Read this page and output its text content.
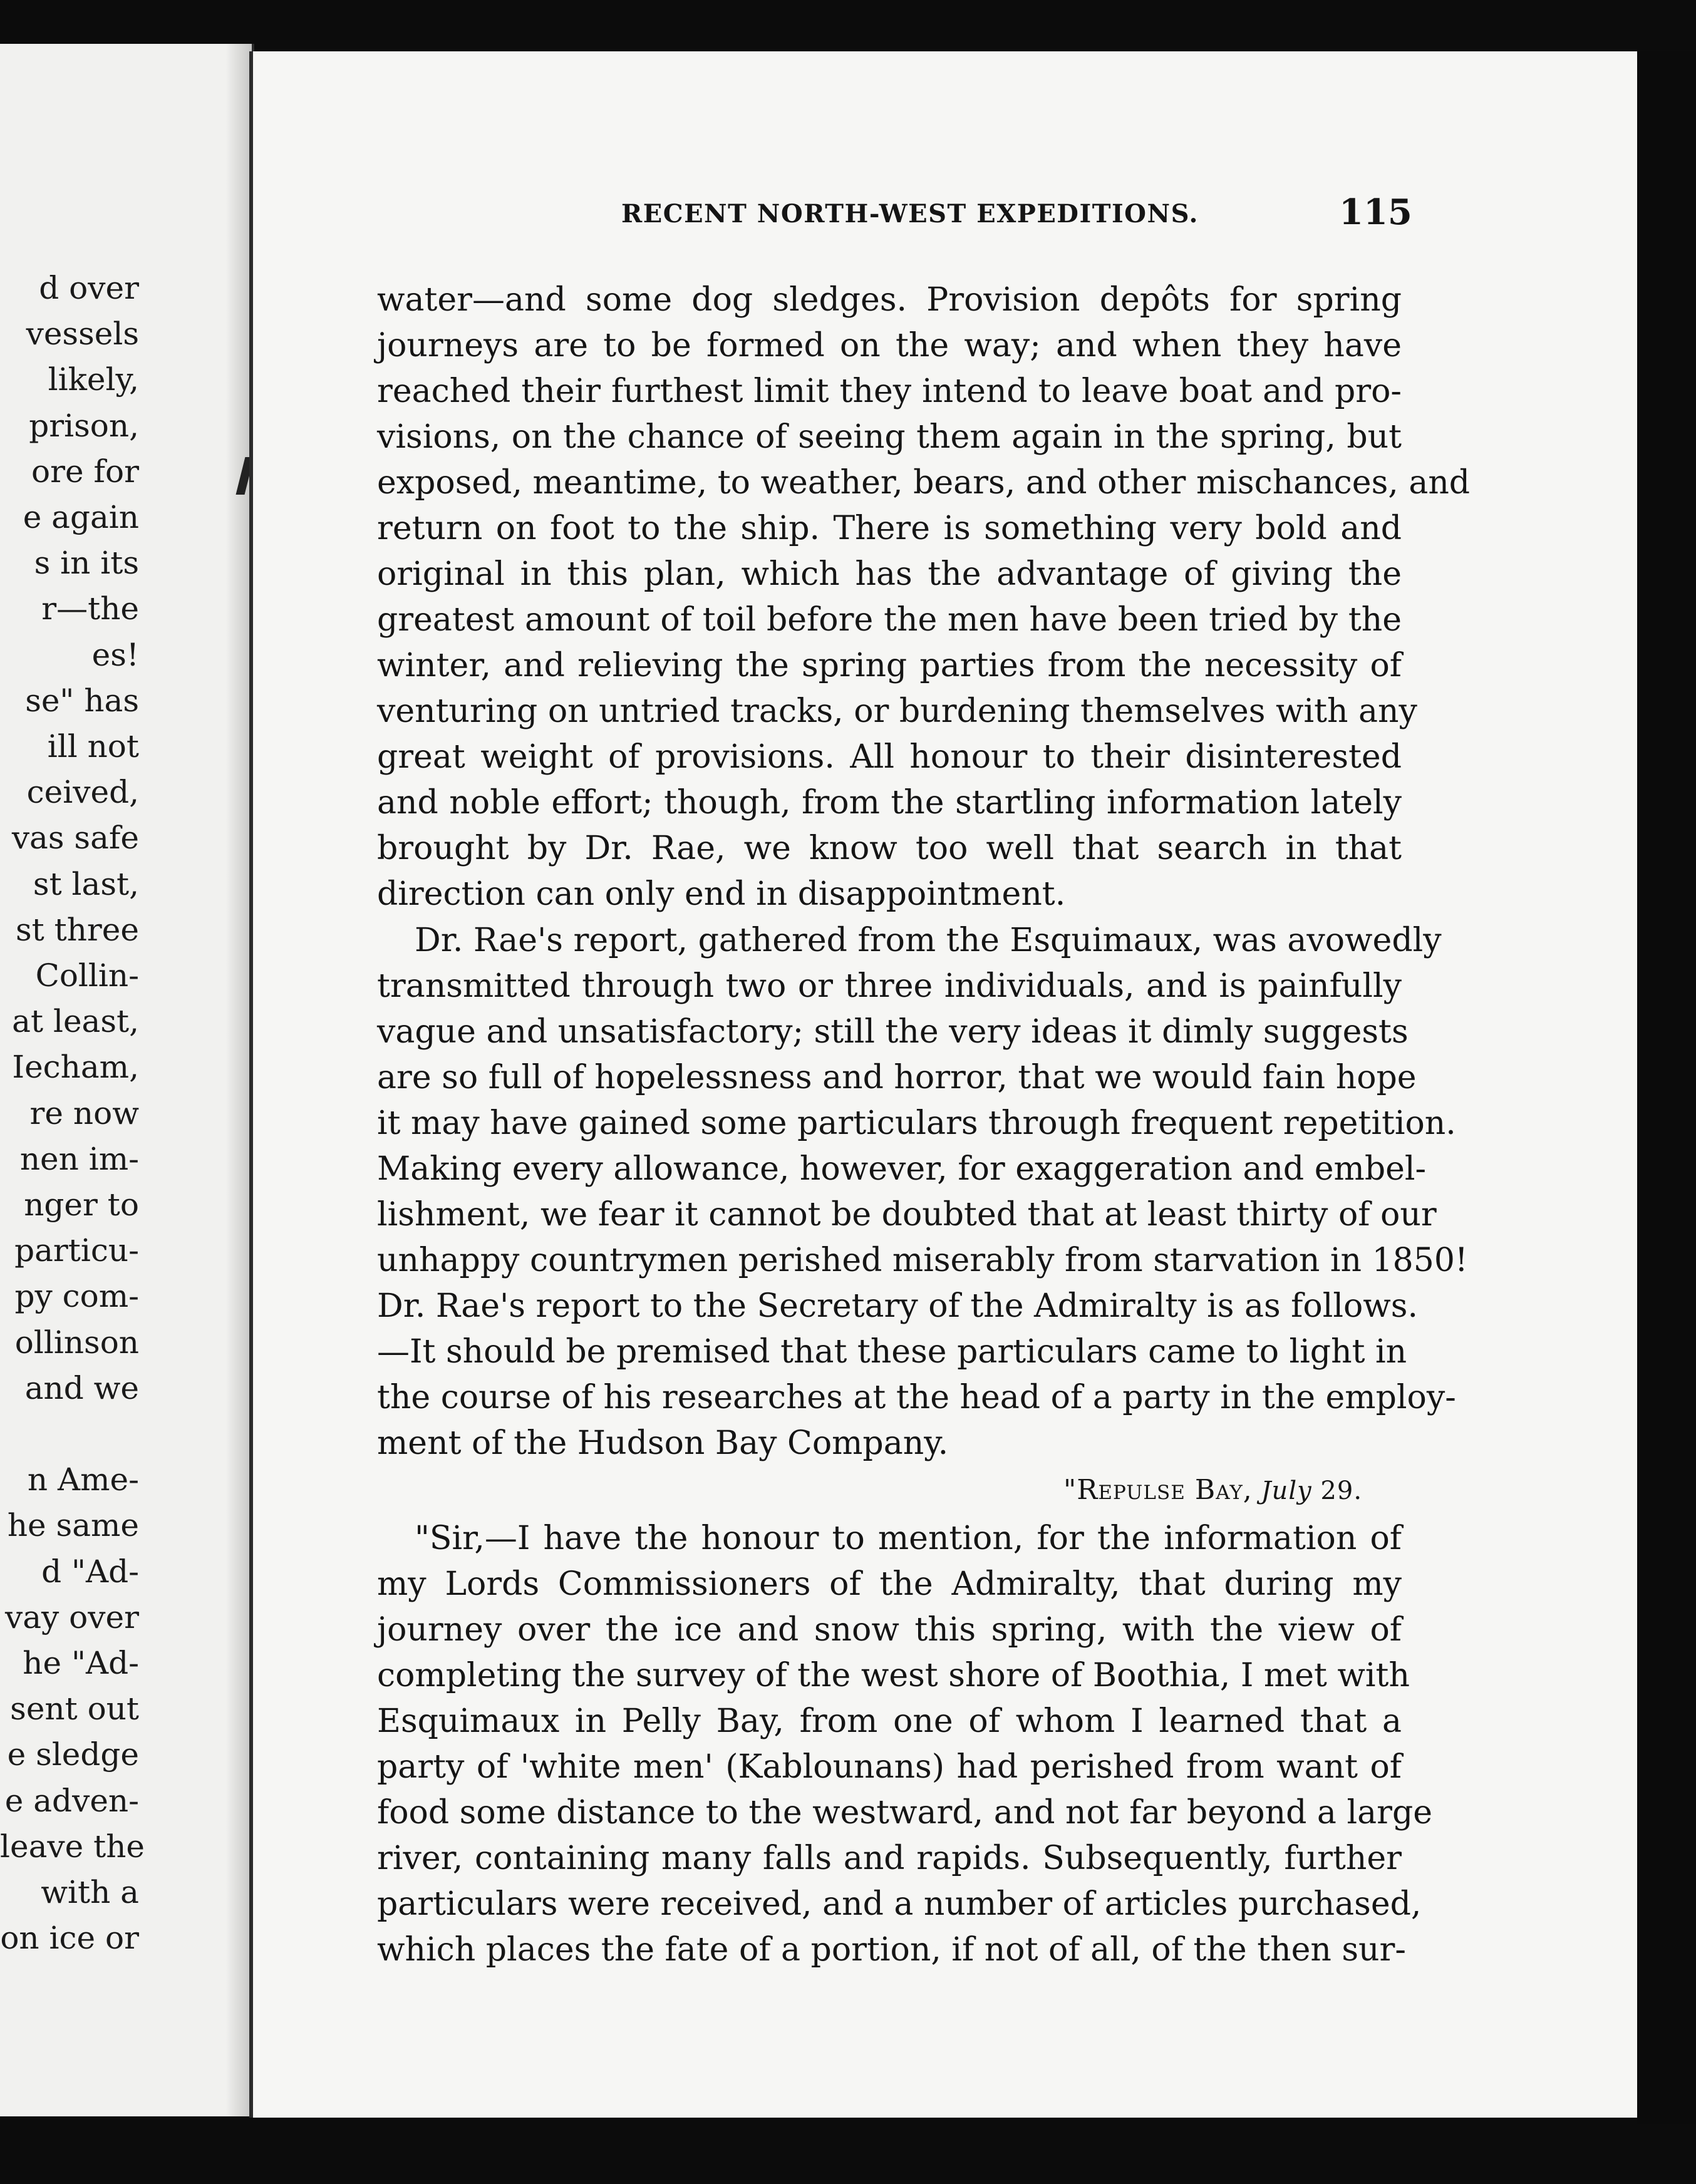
d over
vessels
likely,
prison,
ore for
e again
s in its
r—the
es!
se" has
ill not
ceived,
vas safe
st last,
st three
Collin-
at least,
Iecham,
re now
nen im-
nger to
particu-
py com-
ollinson
and we
n Ame-
he same
d "Ad-
vay over
he "Ad-
sent out
e sledge
e adven-
leave the
with a
on ice or
RECENT NORTH-WEST EXPEDITIONS.	115
water—and some dog sledges. Provision depôts for spring
journeys are to be formed on the way; and when they have
reached their furthest limit they intend to leave boat and pro-
visions, on the chance of seeing them again in the spring, but
exposed, meantime, to weather, bears, and other mischances, and
return on foot to the ship. There is something very bold and
original in this plan, which has the advantage of giving the
greatest amount of toil before the men have been tried by the
winter, and relieving the spring parties from the necessity of
venturing on untried tracks, or burdening themselves with any
great weight of provisions. All honour to their disinterested
and noble effort; though, from the startling information lately
brought by Dr. Rae, we know too well that search in that
direction can only end in disappointment.
Dr. Rae's report, gathered from the Esquimaux, was avowedly
transmitted through two or three individuals, and is painfully
vague and unsatisfactory; still the very ideas it dimly suggests
are so full of hopelessness and horror, that we would fain hope
it may have gained some particulars through frequent repetition.
Making every allowance, however, for exaggeration and embel-
lishment, we fear it cannot be doubted that at least thirty of our
unhappy countrymen perished miserably from starvation in 1850!
Dr. Rae's report to the Secretary of the Admiralty is as follows.
—It should be premised that these particulars came to light in
the course of his researches at the head of a party in the employ-
ment of the Hudson Bay Company.
"Repulse Bay, July 29.
"Sir,—I have the honour to mention, for the information of
my Lords Commissioners of the Admiralty, that during my
journey over the ice and snow this spring, with the view of
completing the survey of the west shore of Boothia, I met with
Esquimaux in Pelly Bay, from one of whom I learned that a
party of 'white men' (Kablounans) had perished from want of
food some distance to the westward, and not far beyond a large
river, containing many falls and rapids. Subsequently, further
particulars were received, and a number of articles purchased,
which places the fate of a portion, if not of all, of the then sur-
